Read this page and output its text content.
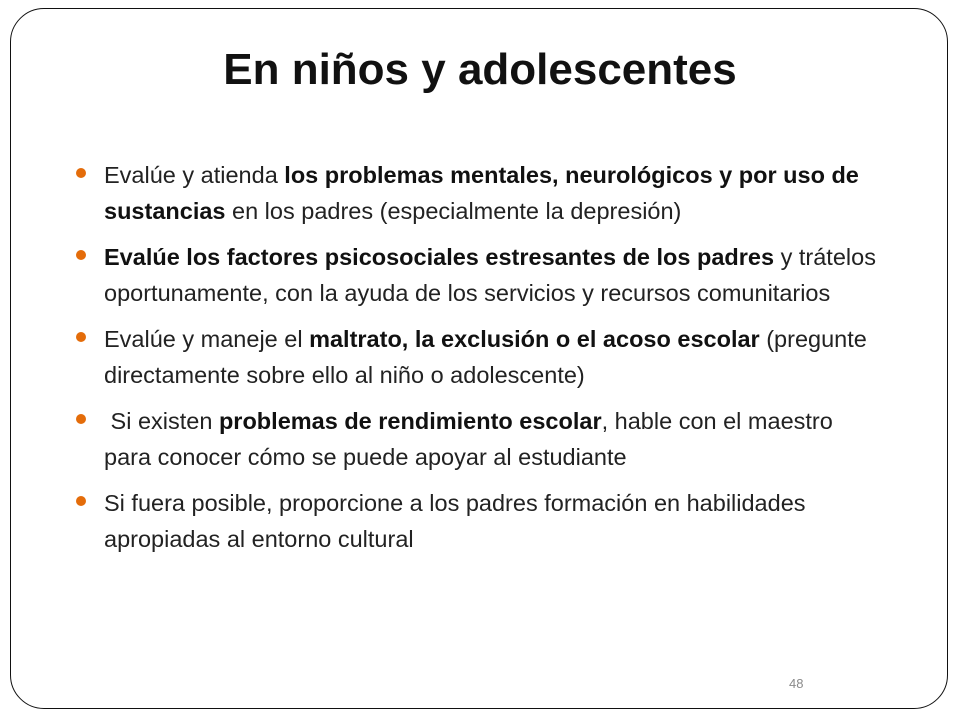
En niños y adolescentes
Evalúe y atienda los problemas mentales, neurológicos y por uso de sustancias en los padres (especialmente la depresión)
Evalúe los factores psicosociales estresantes de los padres y trátelos oportunamente, con la ayuda de los servicios y recursos comunitarios
Evalúe y maneje el maltrato, la exclusión o el acoso escolar (pregunte directamente sobre ello al niño o adolescente)
Si existen problemas de rendimiento escolar, hable con el maestro para conocer cómo se puede apoyar al estudiante
Si fuera posible, proporcione a los padres formación en habilidades apropiadas al entorno cultural
48
